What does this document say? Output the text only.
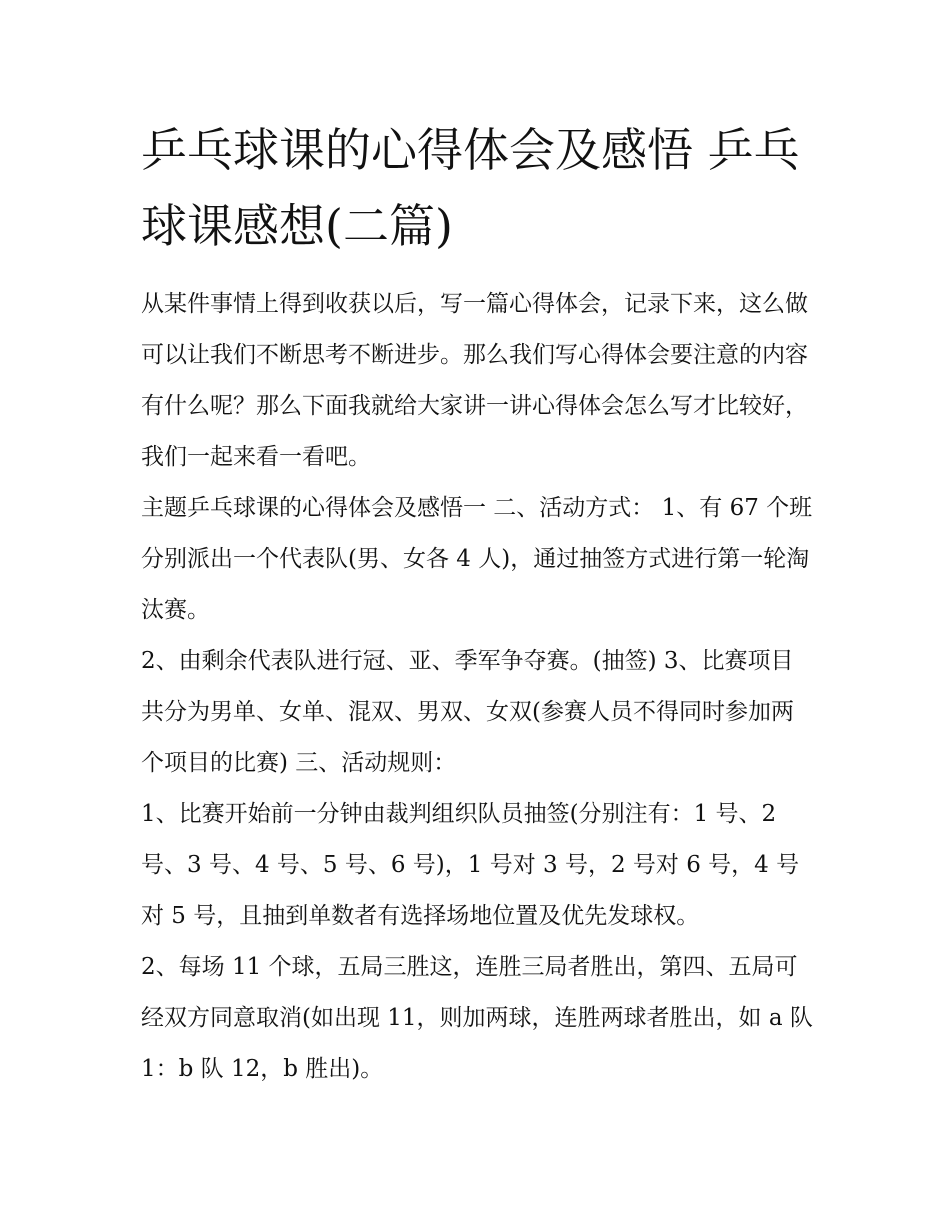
乒乓球课的心得体会及感悟 乒乓球课感想(二篇)

从某件事情上得到收获以后，写一篇心得体会，记录下来，这么做可以让我们不断思考不断进步。那么我们写心得体会要注意的内容有什么呢？那么下面我就给大家讲一讲心得体会怎么写才比较好，我们一起来看一看吧。

主题乒乓球课的心得体会及感悟一 二、活动方式： 1、有 67 个班分别派出一个代表队(男、女各 4 人)，通过抽签方式进行第一轮淘汰赛。

2、由剩余代表队进行冠、亚、季军争夺赛。(抽签) 3、比赛项目共分为男单、女单、混双、男双、女双(参赛人员不得同时参加两个项目的比赛) 三、活动规则：

1、比赛开始前一分钟由裁判组织队员抽签(分别注有：1 号、2 号、3 号、4 号、5 号、6 号)，1 号对 3 号，2 号对 6 号，4 号对 5 号，且抽到单数者有选择场地位置及优先发球权。

2、每场 11 个球，五局三胜这，连胜三局者胜出，第四、五局可经双方同意取消(如出现 11，则加两球，连胜两球者胜出，如 a 队 1：b 队 12，b 胜出)。
